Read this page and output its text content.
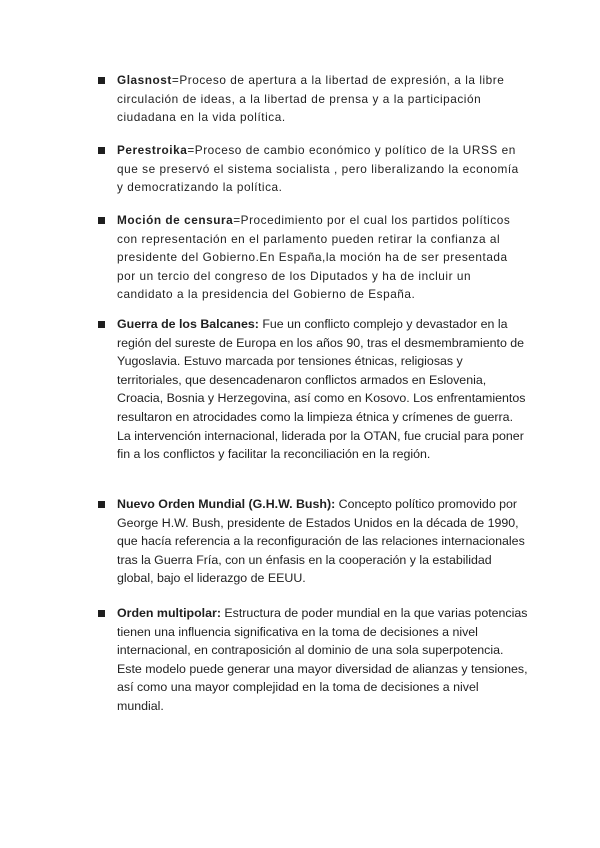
Glasnost=Proceso de apertura a la libertad de expresión, a la libre circulación de ideas, a la libertad de prensa y a la participación ciudadana en la vida política.
Perestroika=Proceso de cambio económico y político de la URSS en que se preservó el sistema socialista , pero liberalizando la economía y democratizando la política.
Moción de censura=Procedimiento por el cual los partidos políticos con representación en el parlamento pueden retirar la confianza al presidente del Gobierno.En España,la moción ha de ser presentada por un tercio del congreso de los Diputados y ha de incluir un candidato a la presidencia del Gobierno de España.
Guerra de los Balcanes: Fue un conflicto complejo y devastador en la región del sureste de Europa en los años 90, tras el desmembramiento de Yugoslavia. Estuvo marcada por tensiones étnicas, religiosas y territoriales, que desencadenaron conflictos armados en Eslovenia, Croacia, Bosnia y Herzegovina, así como en Kosovo. Los enfrentamientos resultaron en atrocidades como la limpieza étnica y crímenes de guerra. La intervención internacional, liderada por la OTAN, fue crucial para poner fin a los conflictos y facilitar la reconciliación en la región.
Nuevo Orden Mundial (G.H.W. Bush): Concepto político promovido por George H.W. Bush, presidente de Estados Unidos en la década de 1990, que hacía referencia a la reconfiguración de las relaciones internacionales tras la Guerra Fría, con un énfasis en la cooperación y la estabilidad global, bajo el liderazgo de EEUU.
Orden multipolar: Estructura de poder mundial en la que varias potencias tienen una influencia significativa en la toma de decisiones a nivel internacional, en contraposición al dominio de una sola superpotencia. Este modelo puede generar una mayor diversidad de alianzas y tensiones, así como una mayor complejidad en la toma de decisiones a nivel mundial.
